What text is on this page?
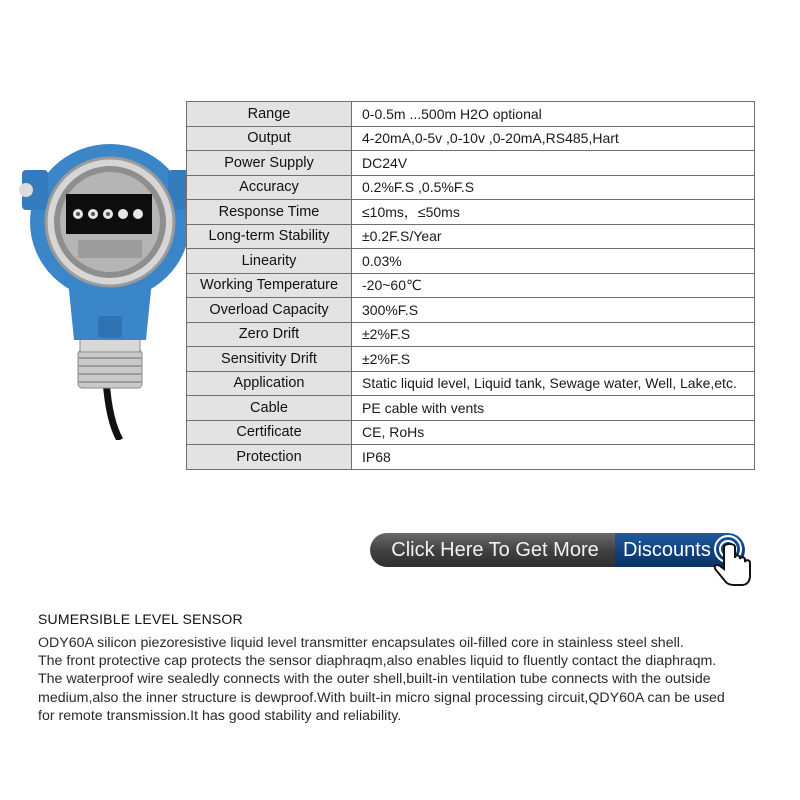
Range	0-0.5m ...500m H2O optional
Output	4-20mA,0-5v ,0-10v ,0-20mA,RS485,Hart
Power Supply	DC24V
Accuracy	0.2%F.S ,0.5%F.S
Response Time	≤10ms，≤50ms
Long-term Stability	±0.2F.S/Year
Linearity	0.03%
Working Temperature	-20~60℃
Overload Capacity	300%F.S
Zero Drift	±2%F.S
Sensitivity Drift	±2%F.S
Application	Static liquid level, Liquid tank, Sewage water, Well, Lake,etc.
Cable	PE cable with vents
Certificate	CE, RoHs
Protection	IP68
Click Here To Get More	Discounts
SUMERSIBLE LEVEL SENSOR

ODY60A silicon piezoresistive liquid level transmitter encapsulates oil-filled core in stainless steel shell.

The front protective cap protects the sensor diaphraqm,also enables liquid to fluently contact the diaphraqm.

The waterproof wire sealedly connects with the outer shell,built-in ventilation tube connects with the outside

medium,also the inner structure is dewproof.With built-in micro signal processing circuit,QDY60A can be used

for remote transmission.It has good stability and reliability.
